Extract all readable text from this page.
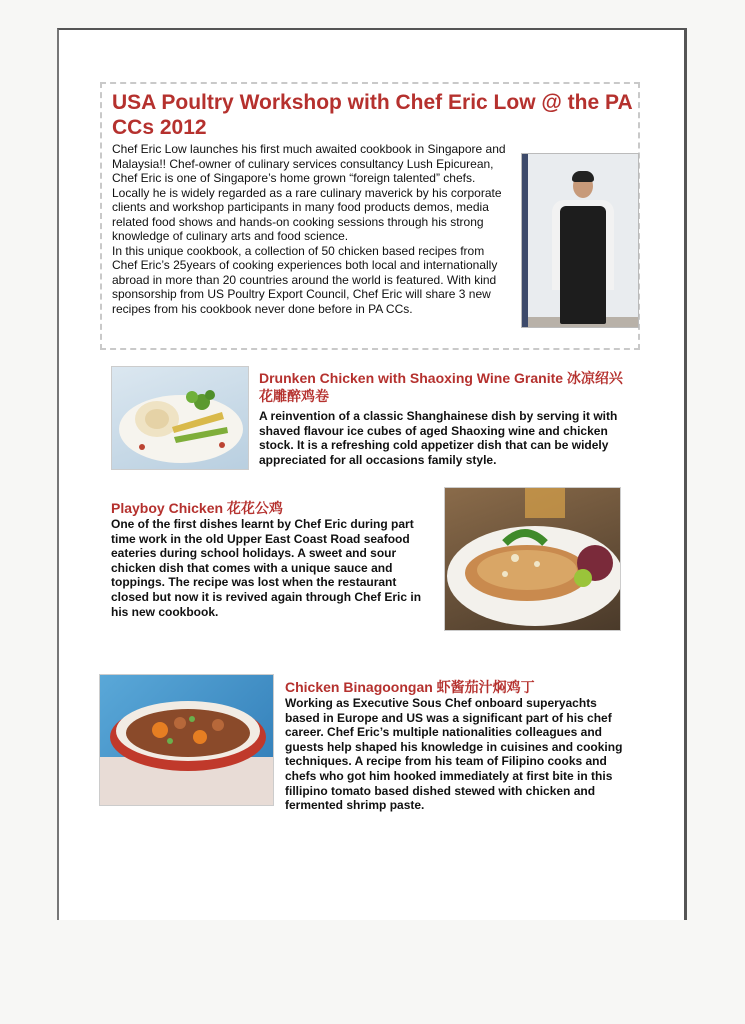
USA Poultry Workshop with Chef Eric Low @ the PA CCs 2012

Chef Eric Low launches his first much awaited cookbook in Singapore and Malaysia!! Chef-owner of culinary services consultancy Lush Epicurean, Chef Eric is one of Singapore’s home grown “foreign talented” chefs. Locally he is widely regarded as a rare culinary maverick by his corporate clients and workshop participants in many food products demos, media related food shows and hands-on cooking sessions through his strong knowledge of culinary arts and food science.

In this unique cookbook, a collection of 50 chicken based recipes from Chef Eric’s 25years of cooking experiences both local and internationally abroad in more than 20 countries around the world is featured. With kind sponsorship from US Poultry Export Council, Chef Eric will share 3 new recipes from his cookbook never done before in PA CCs.

Drunken Chicken with Shaoxing Wine Granite 冰凉绍兴花雕醉鸡卷

A reinvention of a classic Shanghainese dish by serving it with shaved flavour ice cubes of aged Shaoxing wine and chicken stock. It is a refreshing cold appetizer dish that can be widely appreciated for all occasions family style.

Playboy Chicken 花花公鸡

One of the first dishes learnt by Chef Eric during part time work in the old Upper East Coast Road seafood eateries during school holidays. A sweet and sour chicken dish that comes with a unique sauce and toppings. The recipe was lost when the restaurant closed but now it is revived again through Chef Eric in his new cookbook.

Chicken Binagoongan 虾酱茄汁焖鸡丁

Working as Executive Sous Chef onboard superyachts based in Europe and US was a significant part of his chef career. Chef Eric’s multiple nationalities colleagues and guests help shaped his knowledge in cuisines and cooking techniques. A recipe from his team of Filipino cooks and chefs who got him hooked immediately at first bite in this fillipino tomato based dished stewed with chicken and fermented shrimp paste.
